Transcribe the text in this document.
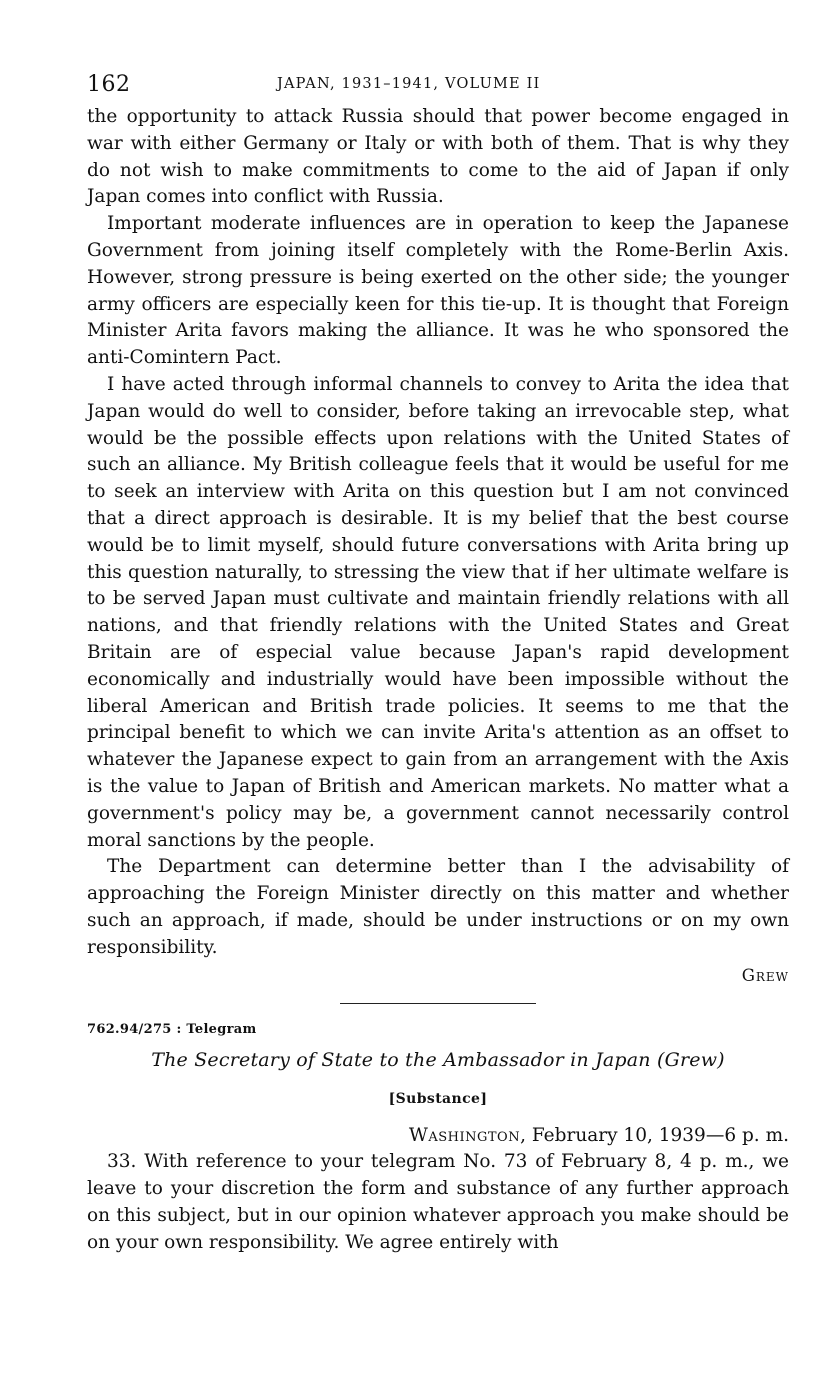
162	JAPAN, 1931–1941, VOLUME II

the opportunity to attack Russia should that power become engaged in war with either Germany or Italy or with both of them. That is why they do not wish to make commitments to come to the aid of Japan if only Japan comes into conflict with Russia.

Important moderate influences are in operation to keep the Japanese Government from joining itself completely with the Rome-Berlin Axis. However, strong pressure is being exerted on the other side; the younger army officers are especially keen for this tie-up. It is thought that Foreign Minister Arita favors making the alliance. It was he who sponsored the anti-Comintern Pact.

I have acted through informal channels to convey to Arita the idea that Japan would do well to consider, before taking an irrevocable step, what would be the possible effects upon relations with the United States of such an alliance. My British colleague feels that it would be useful for me to seek an interview with Arita on this question but I am not convinced that a direct approach is desirable. It is my belief that the best course would be to limit myself, should future conversations with Arita bring up this question naturally, to stressing the view that if her ultimate welfare is to be served Japan must cultivate and maintain friendly relations with all nations, and that friendly relations with the United States and Great Britain are of especial value because Japan's rapid development economically and industrially would have been impossible without the liberal American and British trade policies. It seems to me that the principal benefit to which we can invite Arita's attention as an offset to whatever the Japanese expect to gain from an arrangement with the Axis is the value to Japan of British and American markets. No matter what a government's policy may be, a government cannot necessarily control moral sanctions by the people.

The Department can determine better than I the advisability of approaching the Foreign Minister directly on this matter and whether such an approach, if made, should be under instructions or on my own responsibility.

Grew
762.94/275 : Telegram
The Secretary of State to the Ambassador in Japan (Grew)
[Substance]
Washington, February 10, 1939—6 p. m.

33. With reference to your telegram No. 73 of February 8, 4 p. m., we leave to your discretion the form and substance of any further approach on this subject, but in our opinion whatever approach you make should be on your own responsibility. We agree entirely with
